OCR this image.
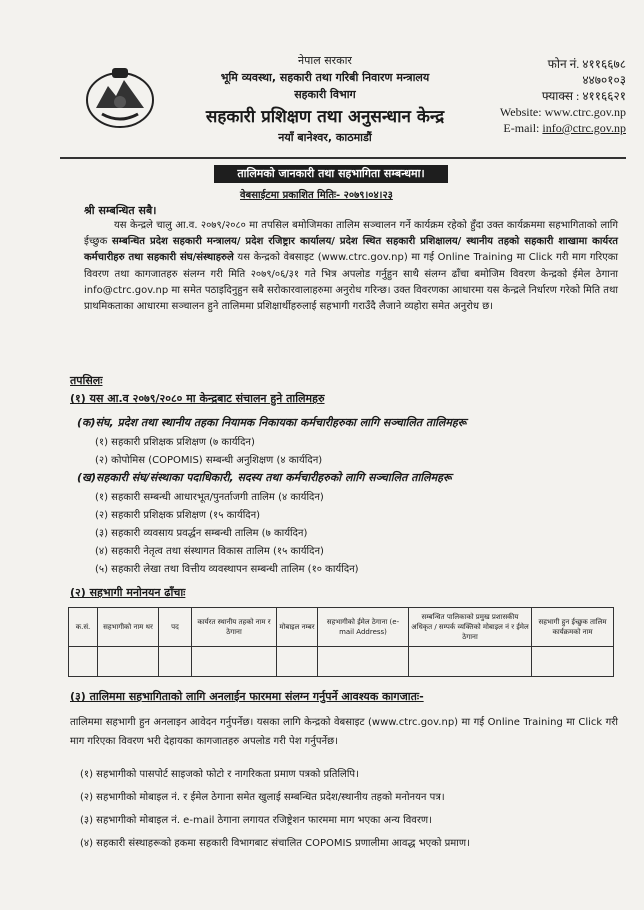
नेपाल सरकार
भूमि व्यवस्था, सहकारी तथा गरिबी निवारण मन्त्रालय
सहकारी विभाग
सहकारी प्रशिक्षण तथा अनुसन्धान केन्द्र
नयाँ बानेश्वर, काठमाडौं
फोन नं. ४११६६७८
४४७०१०३
फ्याक्स : ४११६६२१
Website: www.ctrc.gov.np
E-mail: info@ctrc.gov.np
तालिमको जानकारी तथा सहभागिता सम्बन्धमा।
वेबसाईटमा प्रकाशित मितिः- २०७९।०४।२३
श्री सम्बन्धित सबै।
यस केन्द्रले चालु आ.व. २०७९/२०८० मा तपसिल बमोजिमका तालिम सञ्चालन गर्ने कार्यक्रम रहेको हुँदा उक्त कार्यक्रममा सहभागिताको लागि ईच्छुक सम्बन्धित प्रदेश सहकारी मन्त्रालय/ प्रदेश रजिष्ट्रार कार्यालय/ प्रदेश स्थित सहकारी प्रशिक्षालय/ स्थानीय तहको सहकारी शाखामा कार्यरत कर्मचारीहरु तथा सहकारी संघ/संस्थाहरुले यस केन्द्रको वेबसाइट (www.ctrc.gov.np) मा गई Online Training मा Click गरी माग गरिएका विवरण तथा कागजातहरु संलग्न गरी मिति २०७९/०६/३१ गते भित्र अपलोड गर्नुहुन साथै संलग्न ढाँचा बमोजिम विवरण केन्द्रको ईमेल ठेगाना info@ctrc.gov.np मा समेत पठाइदिनुहुन सबै सरोकारवालाहरुमा अनुरोध गरिन्छ। उक्त विवरणका आधारमा यस केन्द्रले निर्धारण गरेको मिति तथा प्राथमिकताका आधारमा सञ्चालन हुने तालिममा प्रशिक्षार्थीहरुलाई सहभागी गराउँदै लैजाने व्यहोरा समेत अनुरोध छ।
तपसिलः
(१) यस आ.व २०७९/२०८० मा केन्द्रबाट संचालन हुने तालिमहरु
(क)संघ, प्रदेश तथा स्थानीय तहका नियामक निकायका कर्मचारीहरुका लागि सञ्चालित तालिमहरू
(१) सहकारी प्रशिक्षक प्रशिक्षण (७ कार्यदिन)
(२) कोपोमिस (COPOMIS) सम्बन्धी अनुशिक्षण (४ कार्यदिन)
(ख)सहकारी संघ/संस्थाका पदाधिकारी, सदस्य तथा कर्मचारीहरुको लागि सञ्चालित तालिमहरू
(१) सहकारी सम्बन्धी आधारभूत/पुनर्ताजगी तालिम (४ कार्यदिन)
(२) सहकारी प्रशिक्षक प्रशिक्षण (१५ कार्यदिन)
(३) सहकारी व्यवसाय प्रवर्द्धन सम्बन्धी तालिम (७ कार्यदिन)
(४) सहकारी नेतृत्व तथा संस्थागत विकास तालिम (१५ कार्यदिन)
(५) सहकारी लेखा तथा वित्तीय व्यवस्थापन सम्बन्धी तालिम (१० कार्यदिन)
(२) सहभागी मनोनयन ढाँचाः
क.सं.	सहभागीको नाम थर	पद	कार्यरत स्थानीय तहको नाम र ठेगाना	मोबाइल नम्बर	सहभागीको ईमेल ठेगाना (e-mail Address)	सम्बन्धित पालिकाको प्रमुख प्रशासकीय अधिकृत / सम्पर्क व्यक्तिको मोबाइल नं र ईमेल ठेगाना	सहभागी हुन ईच्छुक तालिम कार्यक्रमको नाम

(३) तालिममा सहभागिताको लागि अनलाईन फारममा संलग्न गर्नुपर्ने आवश्यक कागजातः-
तालिममा सहभागी हुन अनलाइन आवेदन गर्नुपर्नेछ। यसका लागि केन्द्रको वेबसाइट (www.ctrc.gov.np) मा गई Online Training मा Click गरी माग गरिएका विवरण भरी देहायका कागजातहरु अपलोड गरी पेश गर्नुपर्नेछ।
(१) सहभागीको पासपोर्ट साइजको फोटो र नागरिकता प्रमाण पत्रको प्रतिलिपि।
(२) सहभागीको मोबाइल नं. र ईमेल ठेगाना समेत खुलाई सम्बन्धित प्रदेश/स्थानीय तहको मनोनयन पत्र।
(३) सहभागीको मोबाइल नं. e-mail ठेगाना लगायत रजिष्ट्रेशन फारममा माग भएका अन्य विवरण।
(४) सहकारी संस्थाहरूको हकमा सहकारी विभागबाट संचालित COPOMIS प्रणालीमा आवद्ध भएको प्रमाण।
